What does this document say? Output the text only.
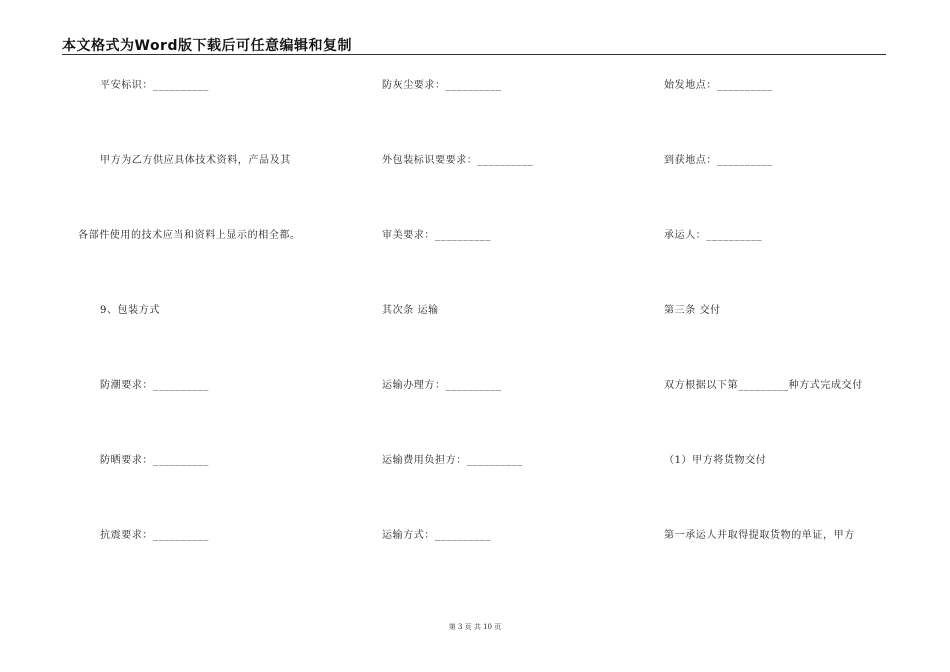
本文格式为Word版下载后可任意编辑和复制
平安标识：__________
甲方为乙方供应具体技术资料，产品及其
各部件使用的技术应当和资料上显示的相全都。
9、包装方式
防潮要求：__________
防晒要求：__________
抗震要求：__________
防灰尘要求：__________
外包装标识要要求：__________
审美要求：__________
其次条 运输
运输办理方：__________
运输费用负担方：__________
运输方式：__________
始发地点：__________
到获地点：__________
承运人：__________
第三条 交付
双方根据以下第_________种方式完成交付
（1）甲方将货物交付
第一承运人并取得提取货物的单证，甲方
第 3 页 共 10 页
